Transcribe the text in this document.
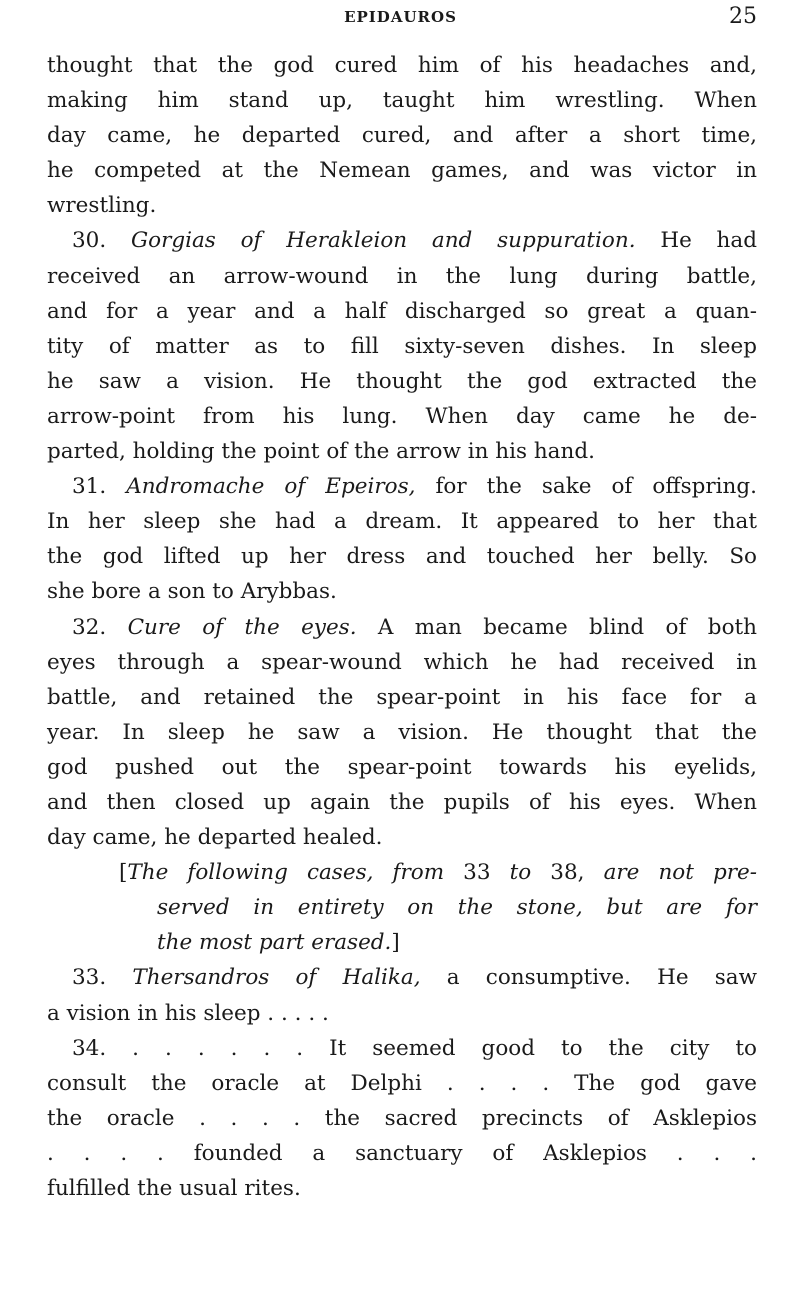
EPIDAUROS	25
thought that the god cured him of his headaches and,
making him stand up, taught him wrestling. When
day came, he departed cured, and after a short time,
he competed at the Nemean games, and was victor in
wrestling.
30. Gorgias of Herakleion and suppuration. He had
received an arrow-wound in the lung during battle,
and for a year and a half discharged so great a quan-
tity of matter as to fill sixty-seven dishes. In sleep
he saw a vision. He thought the god extracted the
arrow-point from his lung. When day came he de-
parted, holding the point of the arrow in his hand.
31. Andromache of Epeiros, for the sake of offspring.
In her sleep she had a dream. It appeared to her that
the god lifted up her dress and touched her belly. So
she bore a son to Arybbas.
32. Cure of the eyes. A man became blind of both
eyes through a spear-wound which he had received in
battle, and retained the spear-point in his face for a
year. In sleep he saw a vision. He thought that the
god pushed out the spear-point towards his eyelids,
and then closed up again the pupils of his eyes. When
day came, he departed healed.
[The following cases, from 33 to 38, are not pre-
served in entirety on the stone, but are for
the most part erased.]
33. Thersandros of Halika, a consumptive. He saw
a vision in his sleep . . . . .
34. . . . . . . It seemed good to the city to
consult the oracle at Delphi . . . . The god gave
the oracle . . . . the sacred precincts of Asklepios
. . . . founded a sanctuary of Asklepios . . .
fulfilled the usual rites.
